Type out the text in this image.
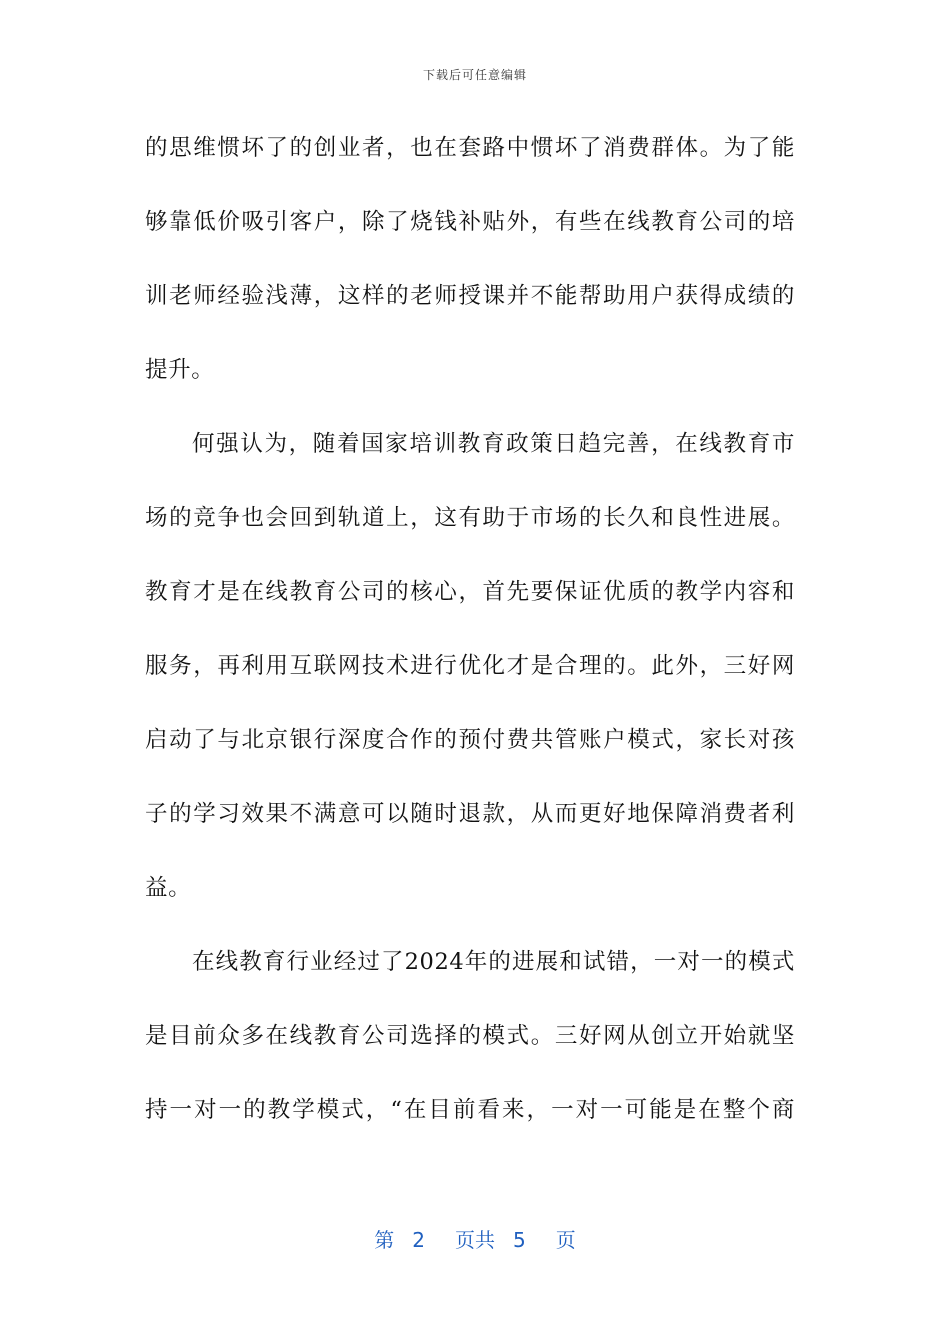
下载后可任意编辑
的思维惯坏了的创业者，也在套路中惯坏了消费群体。为了能
够靠低价吸引客户，除了烧钱补贴外，有些在线教育公司的培
训老师经验浅薄，这样的老师授课并不能帮助用户获得成绩的
提升。
何强认为，随着国家培训教育政策日趋完善，在线教育市
场的竞争也会回到轨道上，这有助于市场的长久和良性进展。
教育才是在线教育公司的核心，首先要保证优质的教学内容和
服务，再利用互联网技术进行优化才是合理的。此外，三好网
启动了与北京银行深度合作的预付费共管账户模式，家长对孩
子的学习效果不满意可以随时退款，从而更好地保障消费者利
益。
在线教育行业经过了2024年的进展和试错，一对一的模式
是目前众多在线教育公司选择的模式。三好网从创立开始就坚
持一对一的教学模式，“在目前看来，一对一可能是在整个商
第 2 页共 5 页
